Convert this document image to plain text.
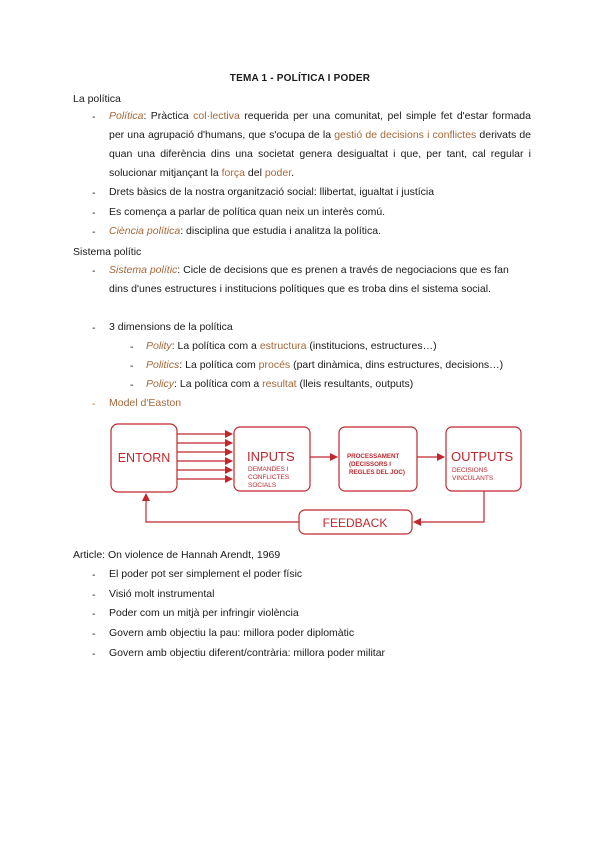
TEMA 1 - POLÍTICA I PODER
La política
- Política: Pràctica col·lectiva requerida per una comunitat, pel simple fet d'estar formada per una agrupació d'humans, que s'ocupa de la gestió de decisions i conflictes derivats de quan una diferència dins una societat genera desigualtat i que, per tant, cal regular i solucionar mitjançant la força del poder.
- Drets bàsics de la nostra organització social: llibertat, igualtat i justícia
- Es comença a parlar de política quan neix un interès comú.
- Ciència política: disciplina que estudia i analitza la política.
Sistema polític
- Sistema polític: Cicle de decisions que es prenen a través de negociacions que es fan dins d'unes estructures i institucions polítiques que es troba dins el sistema social.
- 3 dimensions de la política
- Polity: La política com a estructura (institucions, estructures…)
- Politics: La política com procés (part dinàmica, dins estructures, decisions…)
- Policy: La política com a resultat (lleis resultants, outputs)
- Model d'Easton
ENTORN	INPUTS
DEMANDES I
CONFLICTES
SOCIALS
PROCESSAMENT
(DECISSORS I
REGLES DEL JOC)
OUTPUTS
DECISIONS
VINCULANTS
FEEDBACK
Article: On violence de Hannah Arendt, 1969
- El poder pot ser simplement el poder físic
- Visió molt instrumental
- Poder com un mitjà per infringir violència
- Govern amb objectiu la pau: millora poder diplomàtic
- Govern amb objectiu diferent/contrària: millora poder militar
